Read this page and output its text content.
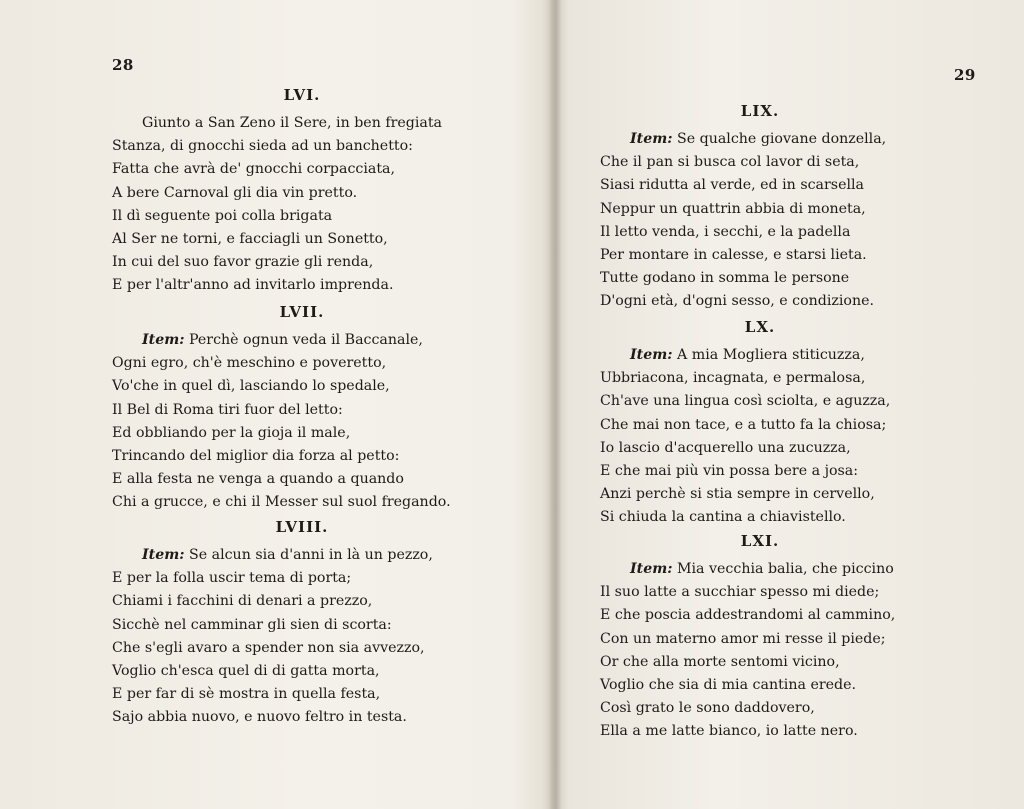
28
LVI.
Giunto a San Zeno il Sere, in ben fregiata
Stanza, di gnocchi sieda ad un banchetto:
Fatta che avrà de' gnocchi corpacciata,
A bere Carnoval gli dia vin pretto.
Il dì seguente poi colla brigata
Al Ser ne torni, e facciagli un Sonetto,
In cui del suo favor grazie gli renda,
E per l'altr'anno ad invitarlo imprenda.
LVII.
Item: Perchè ognun veda il Baccanale,
Ogni egro, ch'è meschino e poveretto,
Vo'che in quel dì, lasciando lo spedale,
Il Bel di Roma tiri fuor del letto:
Ed obbliando per la gioja il male,
Trincando del miglior dia forza al petto:
E alla festa ne venga a quando a quando
Chi a grucce, e chi il Messer sul suol fregando.
LVIII.
Item: Se alcun sia d'anni in là un pezzo,
E per la folla uscir tema di porta;
Chiami i facchini di denari a prezzo,
Sicchè nel camminar gli sien di scorta:
Che s'egli avaro a spender non sia avvezzo,
Voglio ch'esca quel di di gatta morta,
E per far di sè mostra in quella festa,
Sajo abbia nuovo, e nuovo feltro in testa.
29
LIX.
Item: Se qualche giovane donzella,
Che il pan si busca col lavor di seta,
Siasi ridutta al verde, ed in scarsella
Neppur un quattrin abbia di moneta,
Il letto venda, i secchi, e la padella
Per montare in calesse, e starsi lieta.
Tutte godano in somma le persone
D'ogni età, d'ogni sesso, e condizione.
LX.
Item: A mia Mogliera stiticuzza,
Ubbriacona, incagnata, e permalosa,
Ch'ave una lingua così sciolta, e aguzza,
Che mai non tace, e a tutto fa la chiosa;
Io lascio d'acquerello una zucuzza,
E che mai più vin possa bere a josa:
Anzi perchè si stia sempre in cervello,
Si chiuda la cantina a chiavistello.
LXI.
Item: Mia vecchia balia, che piccino
Il suo latte a succhiar spesso mi diede;
E che poscia addestrandomi al cammino,
Con un materno amor mi resse il piede;
Or che alla morte sentomi vicino,
Voglio che sia di mia cantina erede.
Così grato le sono daddovero,
Ella a me latte bianco, io latte nero.
